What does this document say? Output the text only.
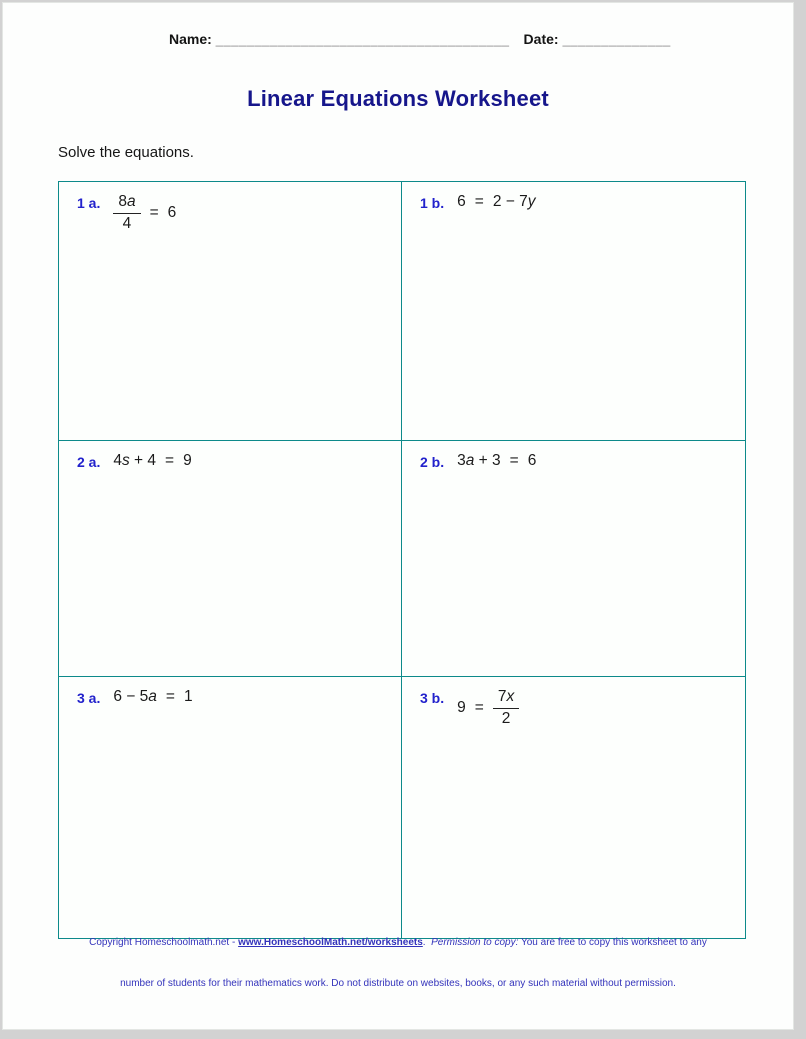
Name: ______________________________________ Date: ______________
Linear Equations Worksheet
Solve the equations.
1 a. $\frac{8a}{4} = 6$
1 b. 6 = 2 − 7y
2 a. 4s + 4 = 9	2 b. 3a + 3 = 6
3 a. 6 − 5a = 1	3 b.
$9 = \frac{7x}{2}$

Copyright Homeschoolmath.net - www.HomeschoolMath.net/worksheets.  Permission to copy: You are free to copy this worksheet to any

number of students for their mathematics work. Do not distribute on websites, books, or any such material without permission.
